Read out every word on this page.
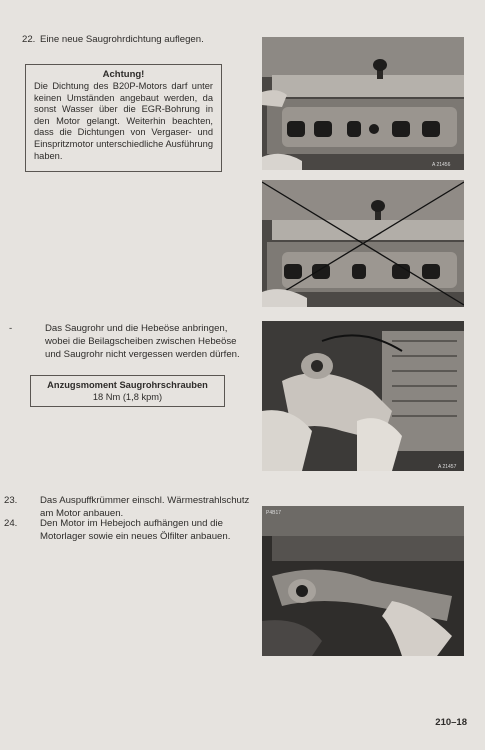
22. Eine neue Saugrohrdichtung auflegen.
Achtung!
Die Dichtung des B20P-Motors darf unter keinen Umständen angebaut werden, da sonst Wasser über die EGR-Bohrung in den Motor gelangt. Weiterhin beachten, dass die Dichtungen von Vergaser- und Einspritzmotor unterschiedliche Ausführung haben.
-	Das Saugrohr und die Hebeöse anbringen, wobei die Beilagscheiben zwischen Hebeöse und Saugrohr nicht vergessen werden dürfen.
Anzugsmoment Saugrohrschrauben
18 Nm (1,8 kpm)
23. Das Auspuffkrümmer einschl. Wärmestrahlschutz am Motor anbauen.
24. Den Motor im Hebejoch aufhängen und die Motorlager sowie ein neues Ölfilter anbauen.
A 21456
A 21457
P4B17
210–18
